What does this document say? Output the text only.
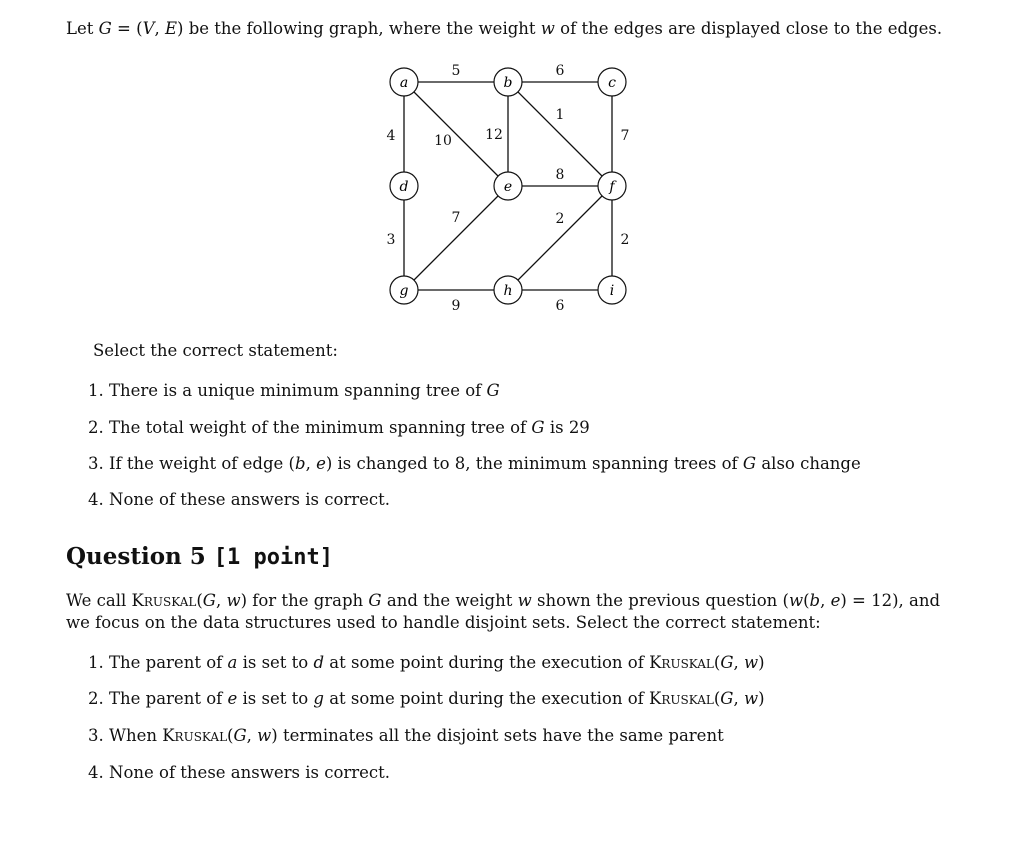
Let G = (V, E) be the following graph, where the weight w of the edges are displayed close to the edges.
5	6
1
4	10 12	7
8
7	2
3	2
9	6
a	b	c
d	e	f
g	h	i
Select the correct statement:
1. There is a unique minimum spanning tree of G
2. The total weight of the minimum spanning tree of G is 29
3. If the weight of edge (b, e) is changed to 8, the minimum spanning trees of G also change
4. None of these answers is correct.
Question 5 [1 point]
We call Kruskal(G, w) for the graph G and the weight w shown the previous question (w(b, e) = 12), and we focus on the data structures used to handle disjoint sets. Select the correct statement:
1. The parent of a is set to d at some point during the execution of Kruskal(G, w)
2. The parent of e is set to g at some point during the execution of Kruskal(G, w)
3. When Kruskal(G, w) terminates all the disjoint sets have the same parent
4. None of these answers is correct.
